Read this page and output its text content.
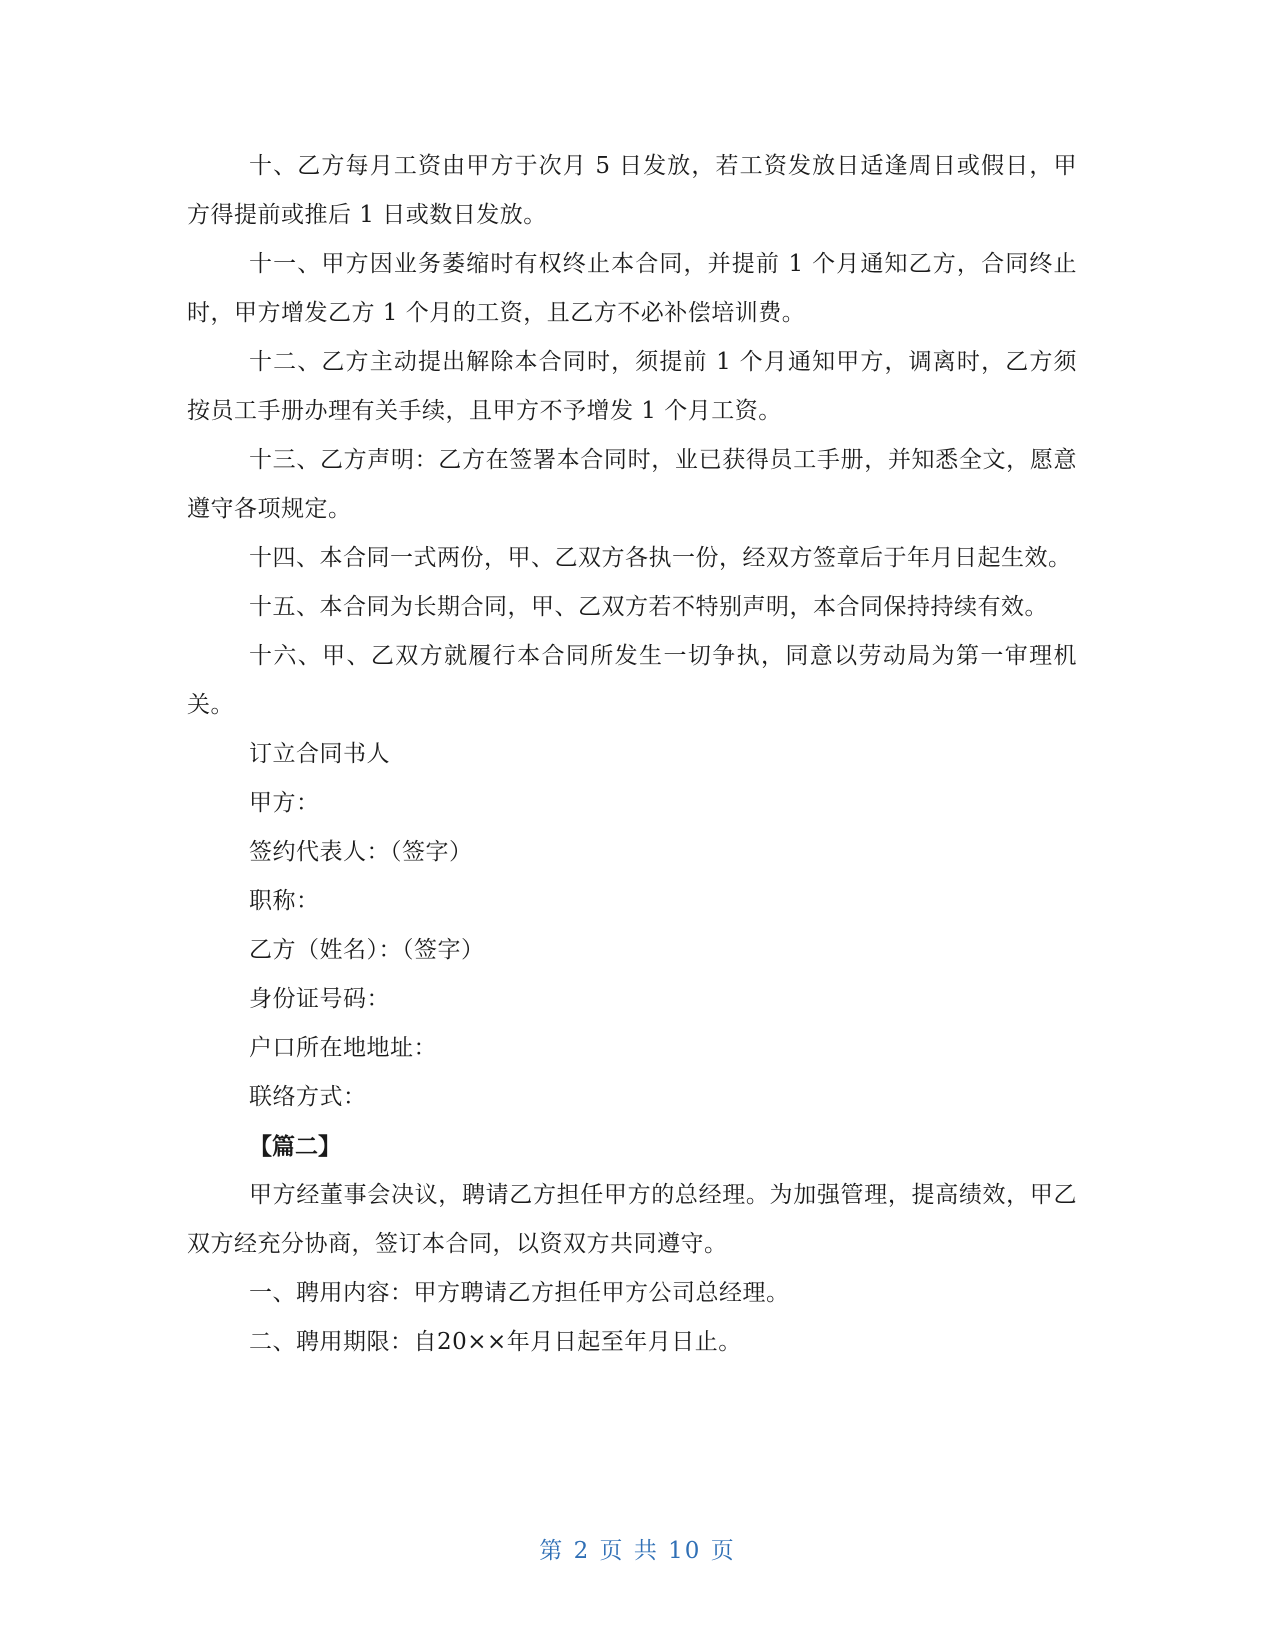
十、乙方每月工资由甲方于次月 5 日发放，若工资发放日适逢周日或假日，甲方得提前或推后 1 日或数日发放。

十一、甲方因业务萎缩时有权终止本合同，并提前 1 个月通知乙方，合同终止时，甲方增发乙方 1 个月的工资，且乙方不必补偿培训费。

十二、乙方主动提出解除本合同时，须提前 1 个月通知甲方，调离时，乙方须按员工手册办理有关手续，且甲方不予增发 1 个月工资。

十三、乙方声明：乙方在签署本合同时，业已获得员工手册，并知悉全文，愿意遵守各项规定。

十四、本合同一式两份，甲、乙双方各执一份，经双方签章后于年月日起生效。

十五、本合同为长期合同，甲、乙双方若不特别声明，本合同保持持续有效。

十六、甲、乙双方就履行本合同所发生一切争执，同意以劳动局为第一审理机关。

订立合同书人

甲方：

签约代表人：（签字）

职称：

乙方（姓名）：（签字）

身份证号码：

户口所在地地址：

联络方式：

【篇二】

甲方经董事会决议，聘请乙方担任甲方的总经理。为加强管理，提高绩效，甲乙双方经充分协商，签订本合同，以资双方共同遵守。

一、聘用内容：甲方聘请乙方担任甲方公司总经理。

二、聘用期限：自20××年月日起至年月日止。

第 2 页 共 10 页
